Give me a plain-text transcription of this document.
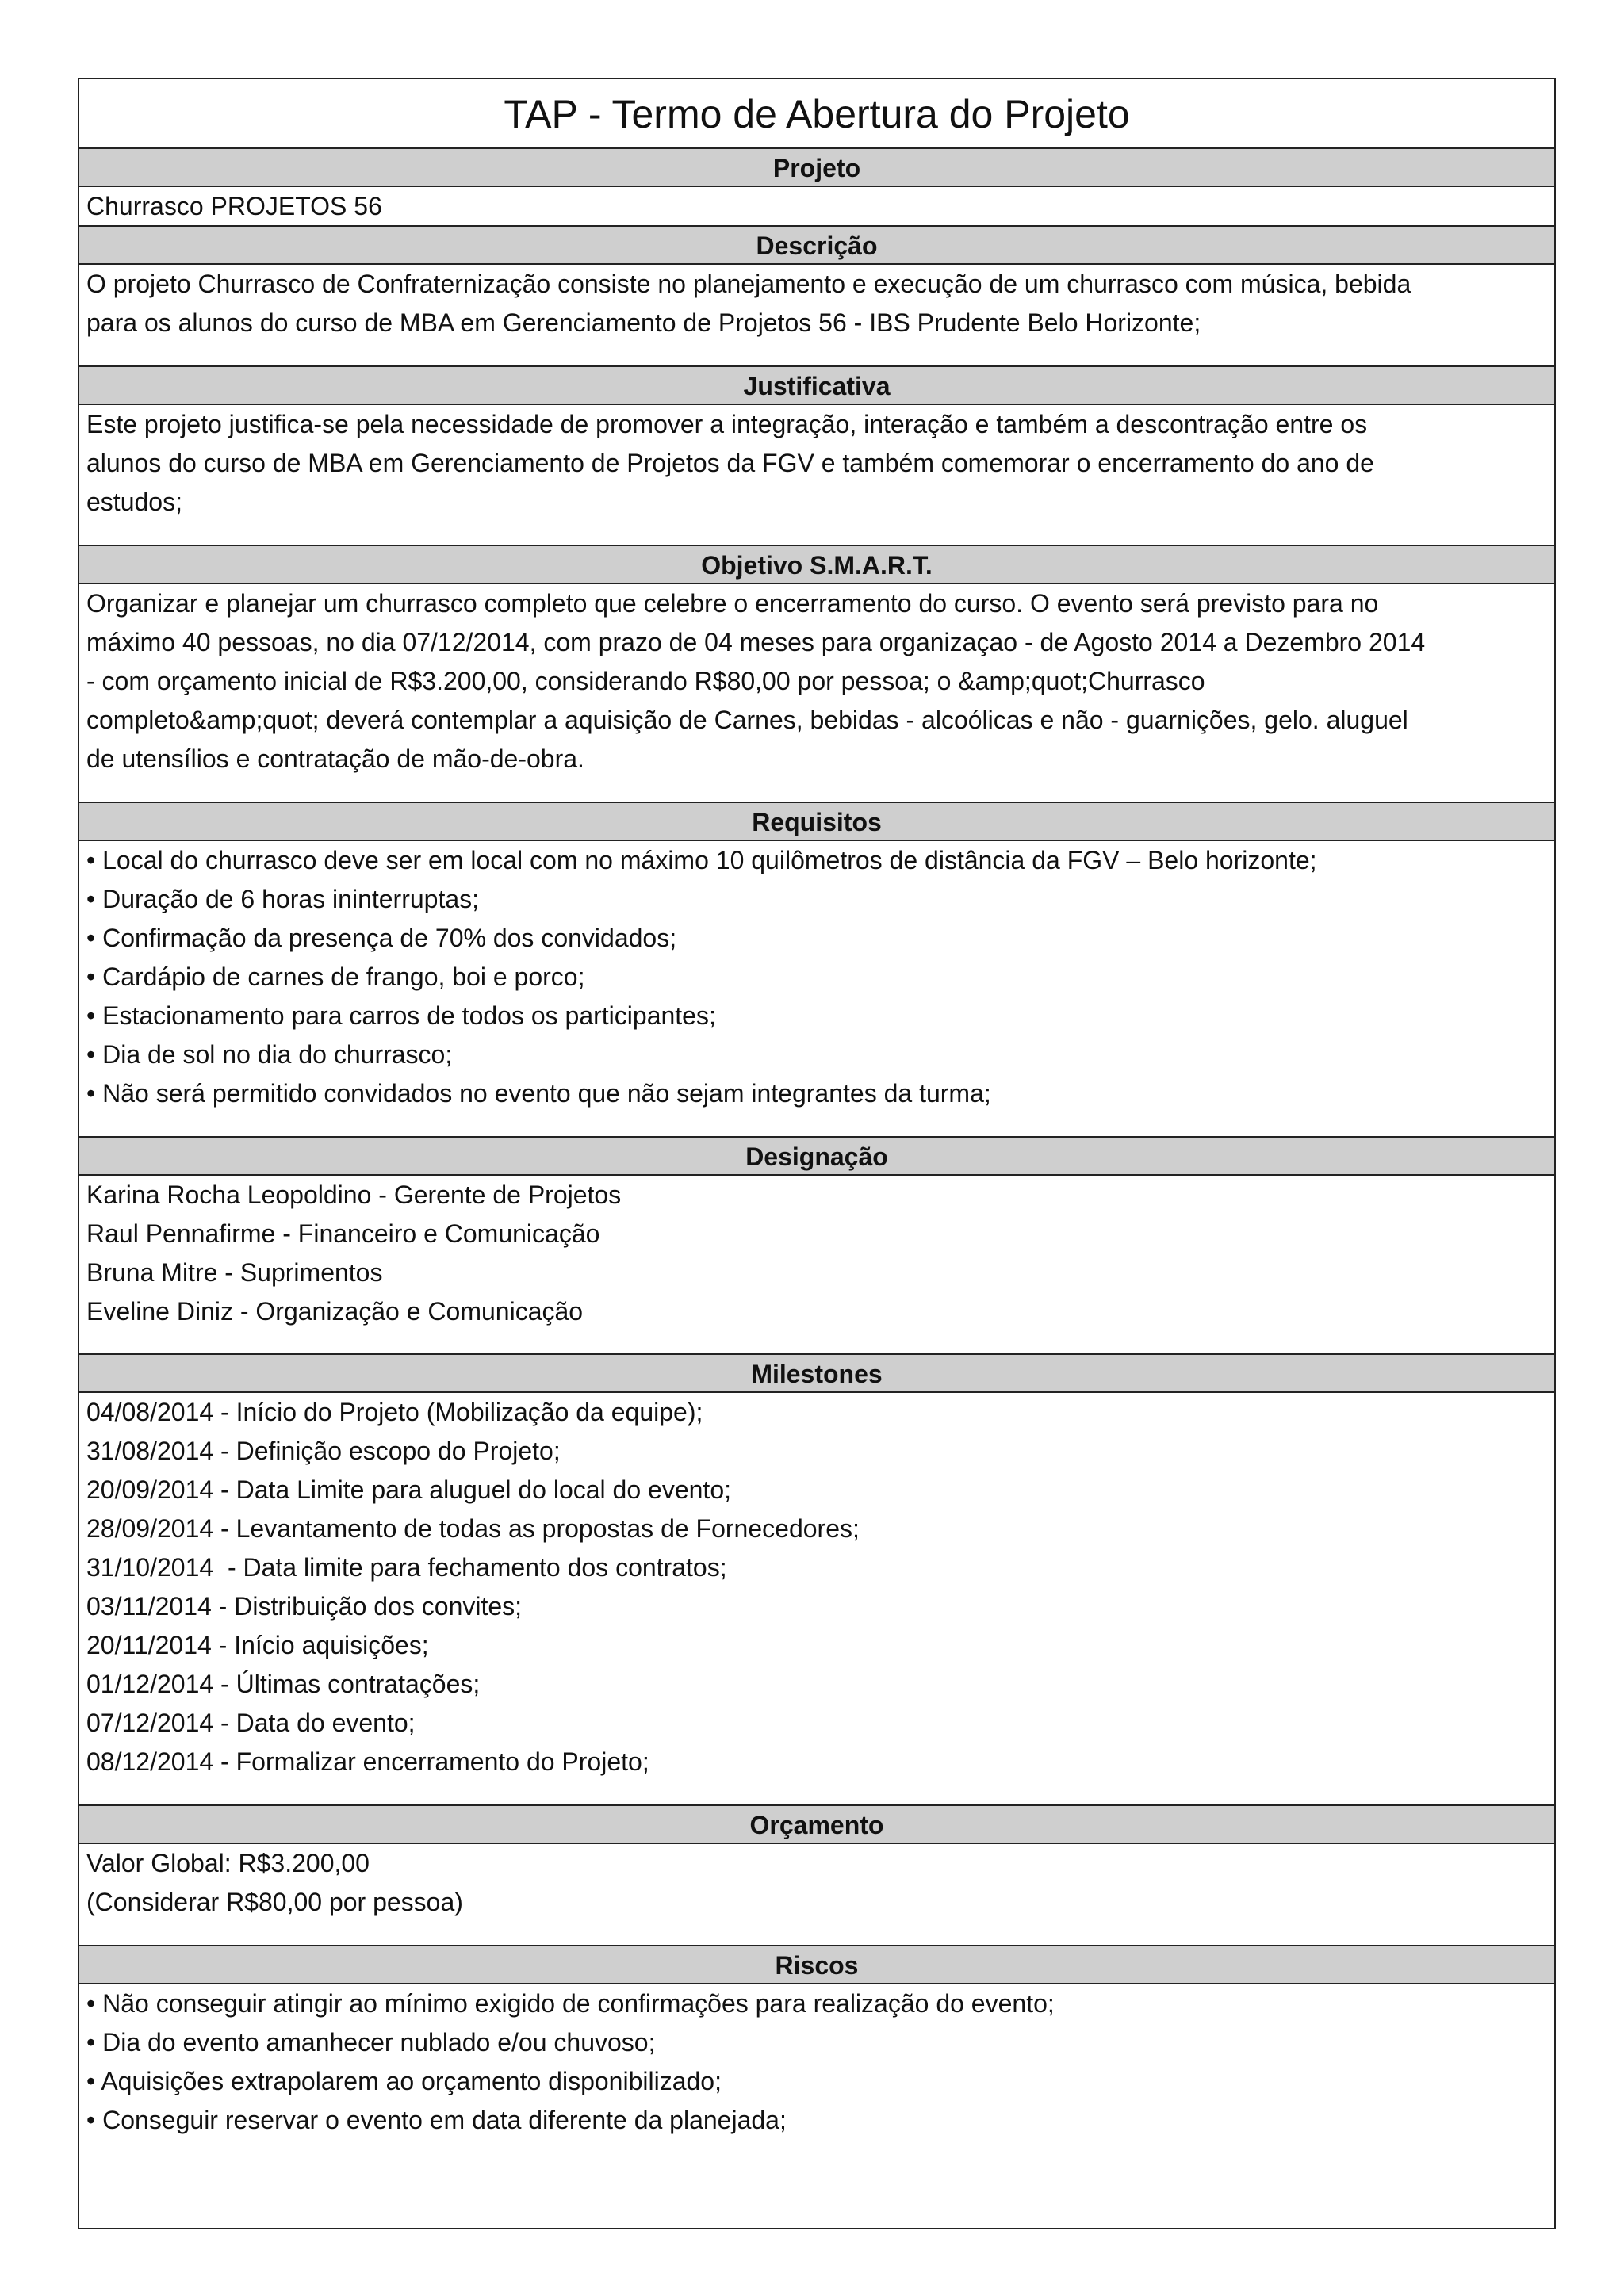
TAP - Termo de Abertura do Projeto
Projeto

Churrasco PROJETOS 56

Descrição

O projeto Churrasco de Confraternização consiste no planejamento e execução de um churrasco com música, bebida

para os alunos do curso de MBA em Gerenciamento de Projetos 56 - IBS Prudente Belo Horizonte;

Justificativa

Este projeto justifica-se pela necessidade de promover a integração, interação e também a descontração entre os

alunos do curso de MBA em Gerenciamento de Projetos da FGV e também comemorar o encerramento do ano de

estudos;

Objetivo S.M.A.R.T.

Organizar e planejar um churrasco completo que celebre o encerramento do curso. O evento será previsto para no

máximo 40 pessoas, no dia 07/12/2014, com prazo de 04 meses para organizaçao - de Agosto 2014 a Dezembro 2014

- com orçamento inicial de R$3.200,00, considerando R$80,00 por pessoa; o &amp;quot;Churrasco

completo&amp;quot; deverá contemplar a aquisição de Carnes, bebidas - alcoólicas e não - guarnições, gelo. aluguel

de utensílios e contratação de mão-de-obra.

Requisitos

• Local do churrasco deve ser em local com no máximo 10 quilômetros de distância da FGV – Belo horizonte;

• Duração de 6 horas ininterruptas;

• Confirmação da presença de 70% dos convidados;

• Cardápio de carnes de frango, boi e porco;

• Estacionamento para carros de todos os participantes;

• Dia de sol no dia do churrasco;

• Não será permitido convidados no evento que não sejam integrantes da turma;

Designação

Karina Rocha Leopoldino - Gerente de Projetos

Raul Pennafirme - Financeiro e Comunicação

Bruna Mitre - Suprimentos

Eveline Diniz - Organização e Comunicação

Milestones

04/08/2014 - Início do Projeto (Mobilização da equipe);

31/08/2014 - Definição escopo do Projeto;

20/09/2014 - Data Limite para aluguel do local do evento;

28/09/2014 - Levantamento de todas as propostas de Fornecedores;

31/10/2014  - Data limite para fechamento dos contratos;

03/11/2014 - Distribuição dos convites;

20/11/2014 - Início aquisições;

01/12/2014 - Últimas contratações;

07/12/2014 - Data do evento;

08/12/2014 - Formalizar encerramento do Projeto;

Orçamento

Valor Global: R$3.200,00

(Considerar R$80,00 por pessoa)

Riscos

• Não conseguir atingir ao mínimo exigido de confirmações para realização do evento;

• Dia do evento amanhecer nublado e/ou chuvoso;

• Aquisições extrapolarem ao orçamento disponibilizado;

• Conseguir reservar o evento em data diferente da planejada;
